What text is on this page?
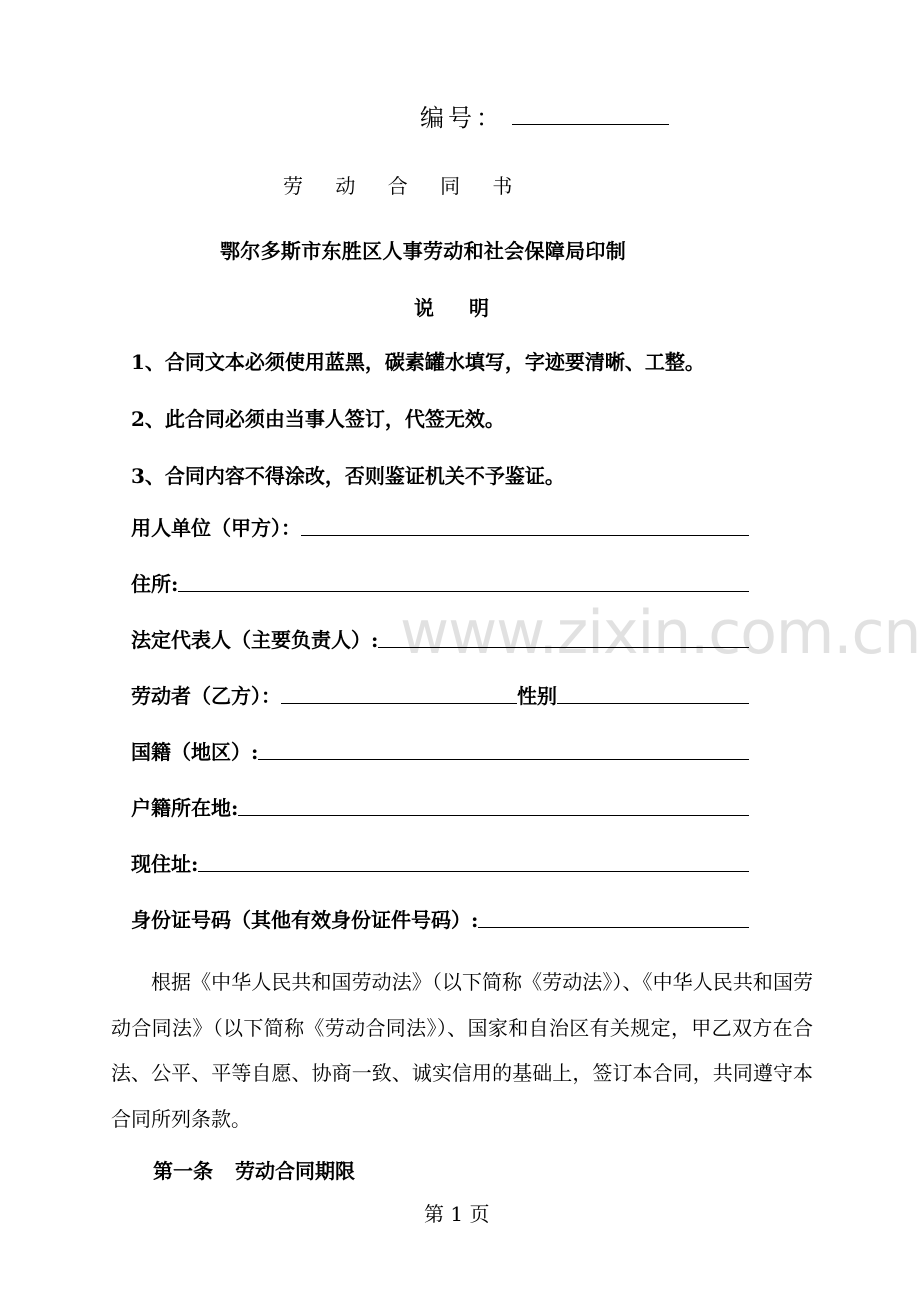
www.zixin.com.cn
编号：
劳 动 合 同 书
鄂尔多斯市东胜区人事劳动和社会保障局印制
说 明
1、合同文本必须使用蓝黑，碳素罐水填写，字迹要清晰、工整。
2、此合同必须由当事人签订，代签无效。
3、合同内容不得涂改，否则鉴证机关不予鉴证。
用人单位（甲方）：
住所:
法定代表人（主要负责人）:
劳动者（乙方）：	性别
国籍（地区）:
户籍所在地:
现住址:
身份证号码（其他有效身份证件号码）:
根据《中华人民共和国劳动法》（以下简称《劳动法》）、《中华人民共和国劳动合同法》（以下简称《劳动合同法》）、国家和自治区有关规定，甲乙双方在合法、公平、平等自愿、协商一致、诚实信用的基础上，签订本合同，共同遵守本合同所列条款。
第一条 劳动合同期限
第 1 页
